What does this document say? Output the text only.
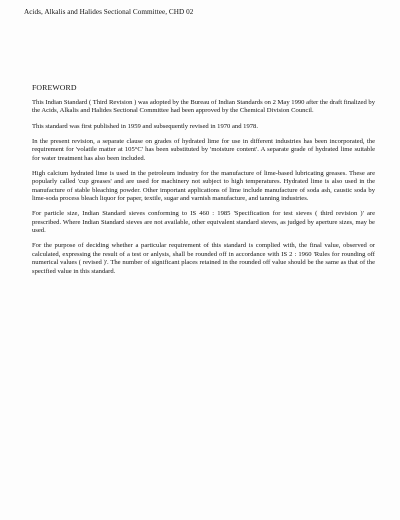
Acids, Alkalis and Halides Sectional Committee, CHD 02
FOREWORD

This Indian Standard ( Third Revision ) was adopted by the Bureau of Indian Standards on 2 May 1990 after the draft finalized by the Acids, Alkalis and Halides Sectional Committee had been approved by the Chemical Division Council.

This standard was first published in 1959 and subsequently revised in 1970 and 1978.

In the present revision, a separate clause on grades of hydrated lime for use in different industries has been incorporated, the requirement for 'volatile matter at 105°C' has been substituted by 'moisture content'. A separate grade of hydrated lime suitable for water treatment has also been included.

High calcium hydrated lime is used in the petroleum industry for the manufacture of lime-based lubricating greases. These are popularly called 'cup greases' and are used for machinery not subject to high temperatures. Hydrated lime is also used in the manufacture of stable bleaching powder. Other important applications of lime include manufacture of soda ash, caustic soda by lime-soda process bleach liquor for paper, textile, sugar and varnish manufacture, and tanning industries.

For particle size, Indian Standard sieves conforming to IS 460 : 1985 'Specification for test sieves ( third revision )' are prescribed. Where Indian Standard sieves are not available, other equivalent standard sieves, as judged by aperture sizes, may be used.

For the purpose of deciding whether a particular requirement of this standard is complied with, the final value, observed or calculated, expressing the result of a test or anlysis, shall be rounded off in accordance with IS 2 : 1960 'Rules for rounding off numerical values ( revised )'. The number of significant places retained in the rounded off value should be the same as that of the specified value in this standard.
